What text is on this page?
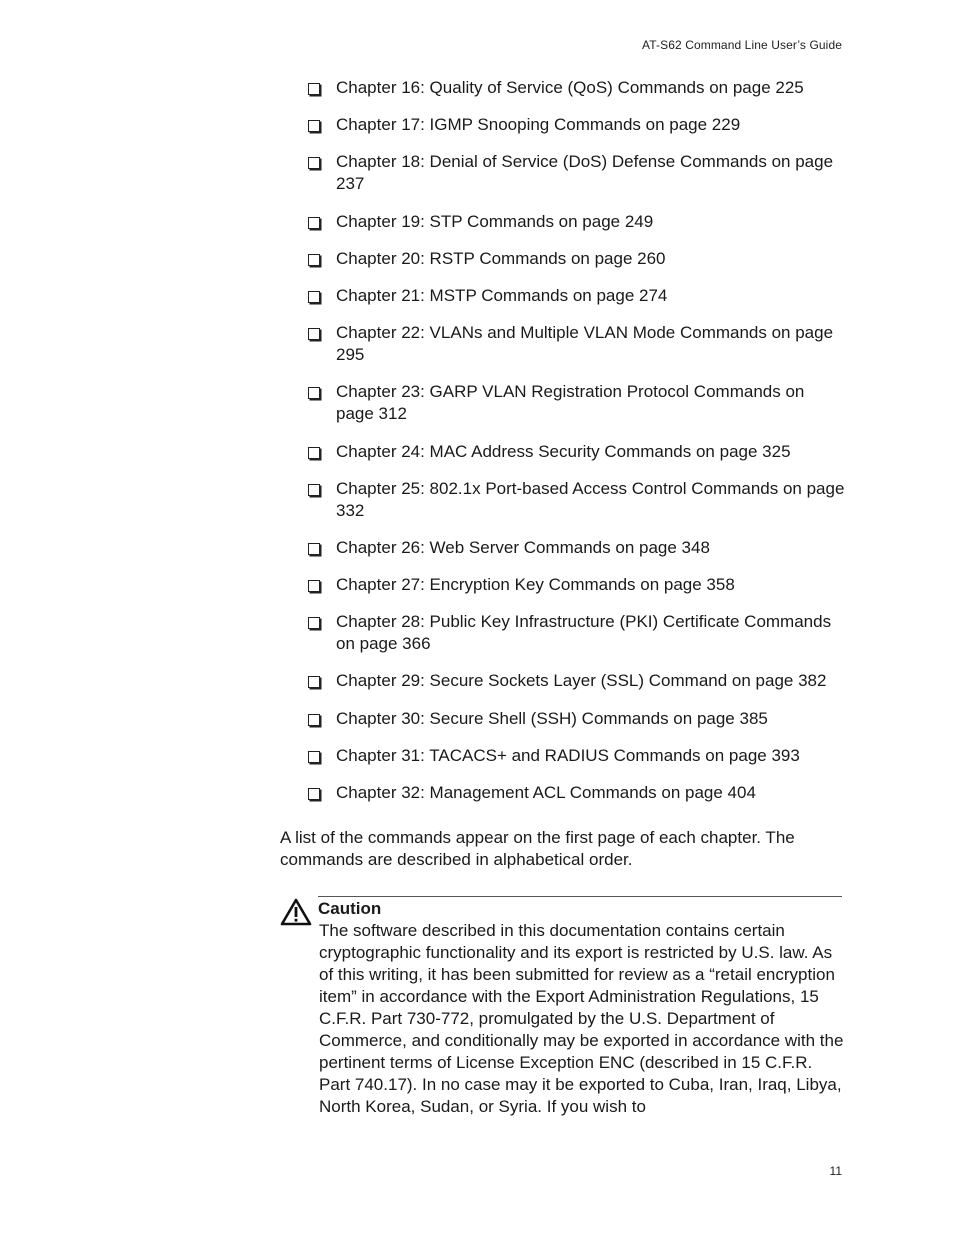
AT-S62 Command Line User’s Guide
Chapter 16: Quality of Service (QoS) Commands on page 225
Chapter 17: IGMP Snooping Commands on page 229
Chapter 18: Denial of Service (DoS) Defense Commands on page 237
Chapter 19: STP Commands on page 249
Chapter 20: RSTP Commands on page 260
Chapter 21: MSTP Commands on page 274
Chapter 22: VLANs and Multiple VLAN Mode Commands on page 295
Chapter 23: GARP VLAN Registration Protocol Commands on page 312
Chapter 24: MAC Address Security Commands on page 325
Chapter 25: 802.1x Port-based Access Control Commands on page 332
Chapter 26: Web Server Commands on page 348
Chapter 27: Encryption Key Commands on page 358
Chapter 28: Public Key Infrastructure (PKI) Certificate Commands on page 366
Chapter 29: Secure Sockets Layer (SSL) Command on page 382
Chapter 30: Secure Shell (SSH) Commands on page 385
Chapter 31: TACACS+ and RADIUS Commands on page 393
Chapter 32: Management ACL Commands on page 404

A list of the commands appear on the first page of each chapter. The commands are described in alphabetical order.

Caution

The software described in this documentation contains certain cryptographic functionality and its export is restricted by U.S. law. As of this writing, it has been submitted for review as a “retail encryption item” in accordance with the Export Administration Regulations, 15 C.F.R. Part 730-772, promulgated by the U.S. Department of Commerce, and conditionally may be exported in accordance with the pertinent terms of License Exception ENC (described in 15 C.F.R. Part 740.17). In no case may it be exported to Cuba, Iran, Iraq, Libya, North Korea, Sudan, or Syria. If you wish to

11
